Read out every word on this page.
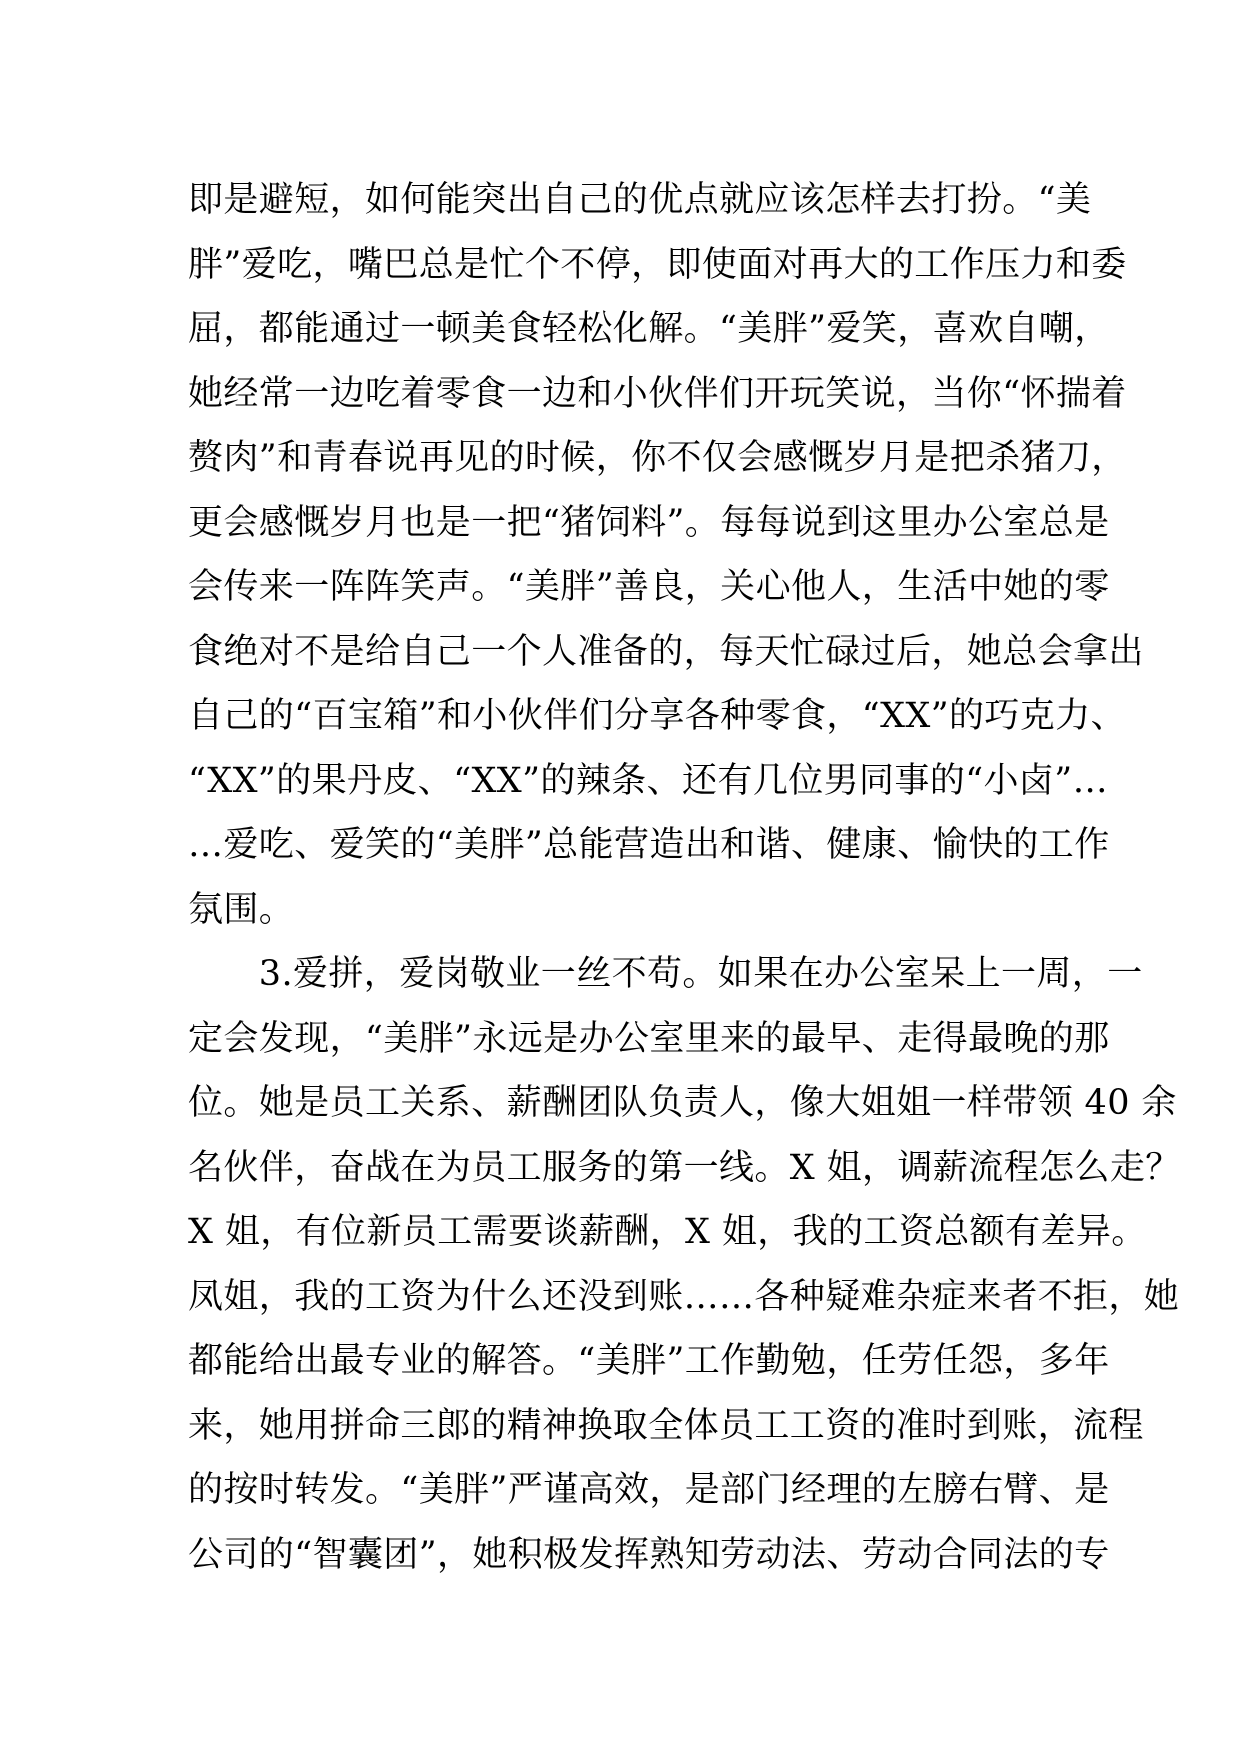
即是避短，如何能突出自己的优点就应该怎样去打扮。“美
胖”爱吃，嘴巴总是忙个不停，即使面对再大的工作压力和委
屈，都能通过一顿美食轻松化解。“美胖”爱笑，喜欢自嘲，
她经常一边吃着零食一边和小伙伴们开玩笑说，当你“怀揣着
赘肉”和青春说再见的时候，你不仅会感慨岁月是把杀猪刀，
更会感慨岁月也是一把“猪饲料”。每每说到这里办公室总是
会传来一阵阵笑声。“美胖”善良，关心他人，生活中她的零
食绝对不是给自己一个人准备的，每天忙碌过后，她总会拿出
自己的“百宝箱”和小伙伴们分享各种零食，“XX”的巧克力、
“XX”的果丹皮、“XX”的辣条、还有几位男同事的“小卤”…
…爱吃、爱笑的“美胖”总能营造出和谐、健康、愉快的工作
氛围。
　　3.爱拼，爱岗敬业一丝不苟。如果在办公室呆上一周，一
定会发现，“美胖”永远是办公室里来的最早、走得最晚的那
位。她是员工关系、薪酬团队负责人，像大姐姐一样带领 40 余
名伙伴，奋战在为员工服务的第一线。X 姐，调薪流程怎么走？
X 姐，有位新员工需要谈薪酬，X 姐，我的工资总额有差异。
凤姐，我的工资为什么还没到账……各种疑难杂症来者不拒，她
都能给出最专业的解答。“美胖”工作勤勉，任劳任怨，多年
来，她用拼命三郎的精神换取全体员工工资的准时到账，流程
的按时转发。“美胖”严谨高效，是部门经理的左膀右臂、是
公司的“智囊团”，她积极发挥熟知劳动法、劳动合同法的专
